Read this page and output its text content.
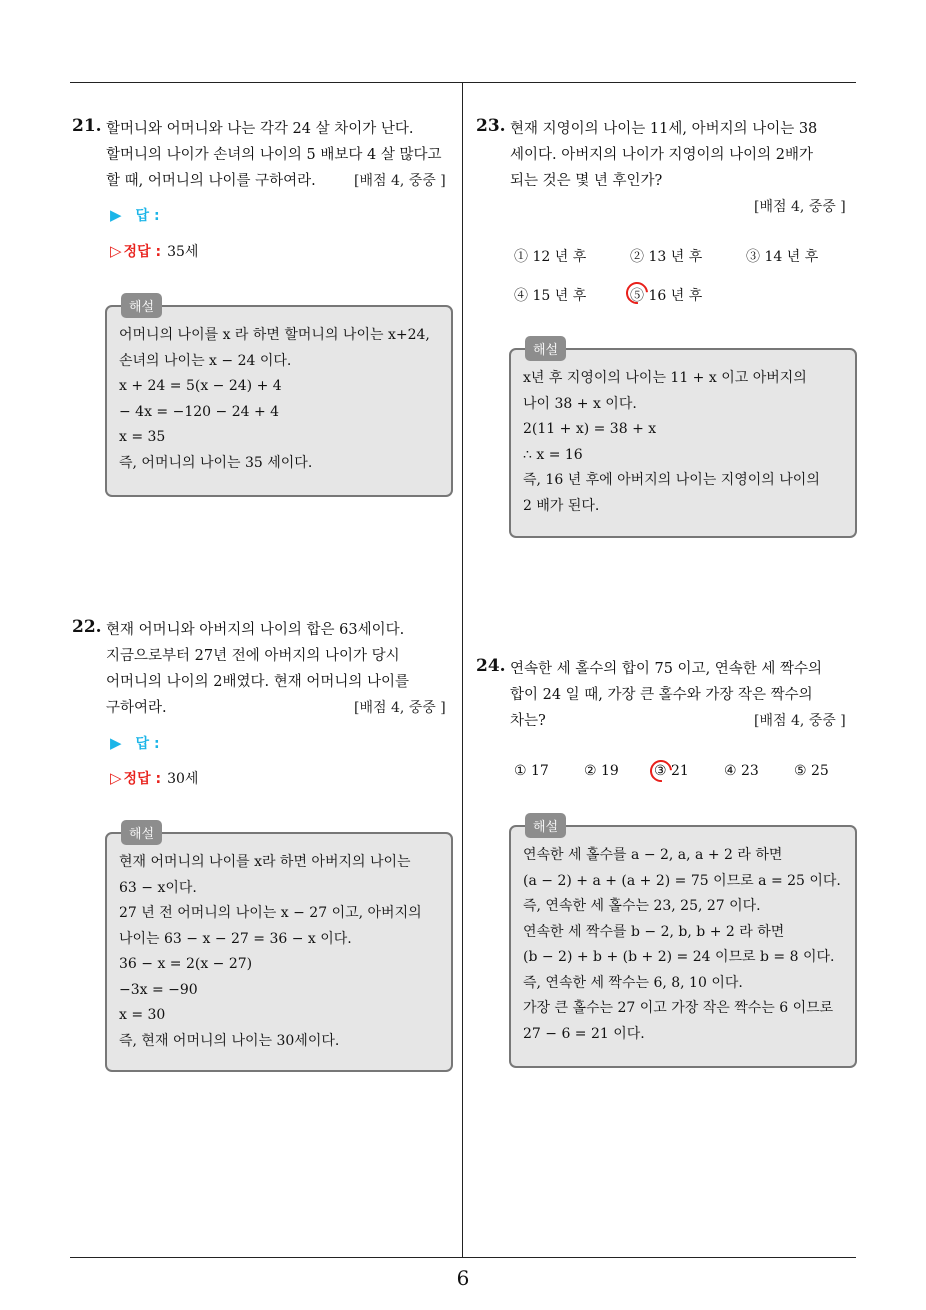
21. 할머니와 어머니와 나는 각각 24 살 차이가 난다.
할머니의 나이가 손녀의 나이의 5 배보다 4 살 많다고
할 때, 어머니의 나이를 구하여라.	[배점 4, 중중 ]
▶ 답 :
▷ 정답 : 35세
해설
어머니의 나이를 x 라 하면 할머니의 나이는 x+24,
손녀의 나이는 x − 24 이다.
x + 24 = 5(x − 24) + 4
− 4x = −120 − 24 + 4
x = 35
즉, 어머니의 나이는 35 세이다.
22. 현재 어머니와 아버지의 나이의 합은 63세이다.
지금으로부터 27년 전에 아버지의 나이가 당시
어머니의 나이의 2배였다. 현재 어머니의 나이를
구하여라.	[배점 4, 중중 ]
▶ 답 :
▷ 정답 : 30세
해설
현재 어머니의 나이를 x라 하면 아버지의 나이는
63 − x이다.
27 년 전 어머니의 나이는 x − 27 이고, 아버지의
나이는 63 − x − 27 = 36 − x 이다.
36 − x = 2(x − 27)
−3x = −90
x = 30
즉, 현재 어머니의 나이는 30세이다.
23. 현재 지영이의 나이는 11세, 아버지의 나이는 38
세이다. 아버지의 나이가 지영이의 나이의 2배가
되는 것은 몇 년 후인가?
[배점 4, 중중 ]
① 12 년 후	② 13 년 후	③ 14 년 후
④ 15 년 후	⑤ 16 년 후
해설
x년 후 지영이의 나이는 11 + x 이고 아버지의
나이 38 + x 이다.
2(11 + x) = 38 + x
∴ x = 16
즉, 16 년 후에 아버지의 나이는 지영이의 나이의
2 배가 된다.
24. 연속한 세 홀수의 합이 75 이고, 연속한 세 짝수의
합이 24 일 때, 가장 큰 홀수와 가장 작은 짝수의
차는?	[배점 4, 중중 ]
① 17	② 19	③ 21	④ 23	⑤ 25
해설
연속한 세 홀수를 a − 2, a, a + 2 라 하면
(a − 2) + a + (a + 2) = 75 이므로 a = 25 이다.
즉, 연속한 세 홀수는 23, 25, 27 이다.
연속한 세 짝수를 b − 2, b, b + 2 라 하면
(b − 2) + b + (b + 2) = 24 이므로 b = 8 이다.
즉, 연속한 세 짝수는 6, 8, 10 이다.
가장 큰 홀수는 27 이고 가장 작은 짝수는 6 이므로
27 − 6 = 21 이다.
6
